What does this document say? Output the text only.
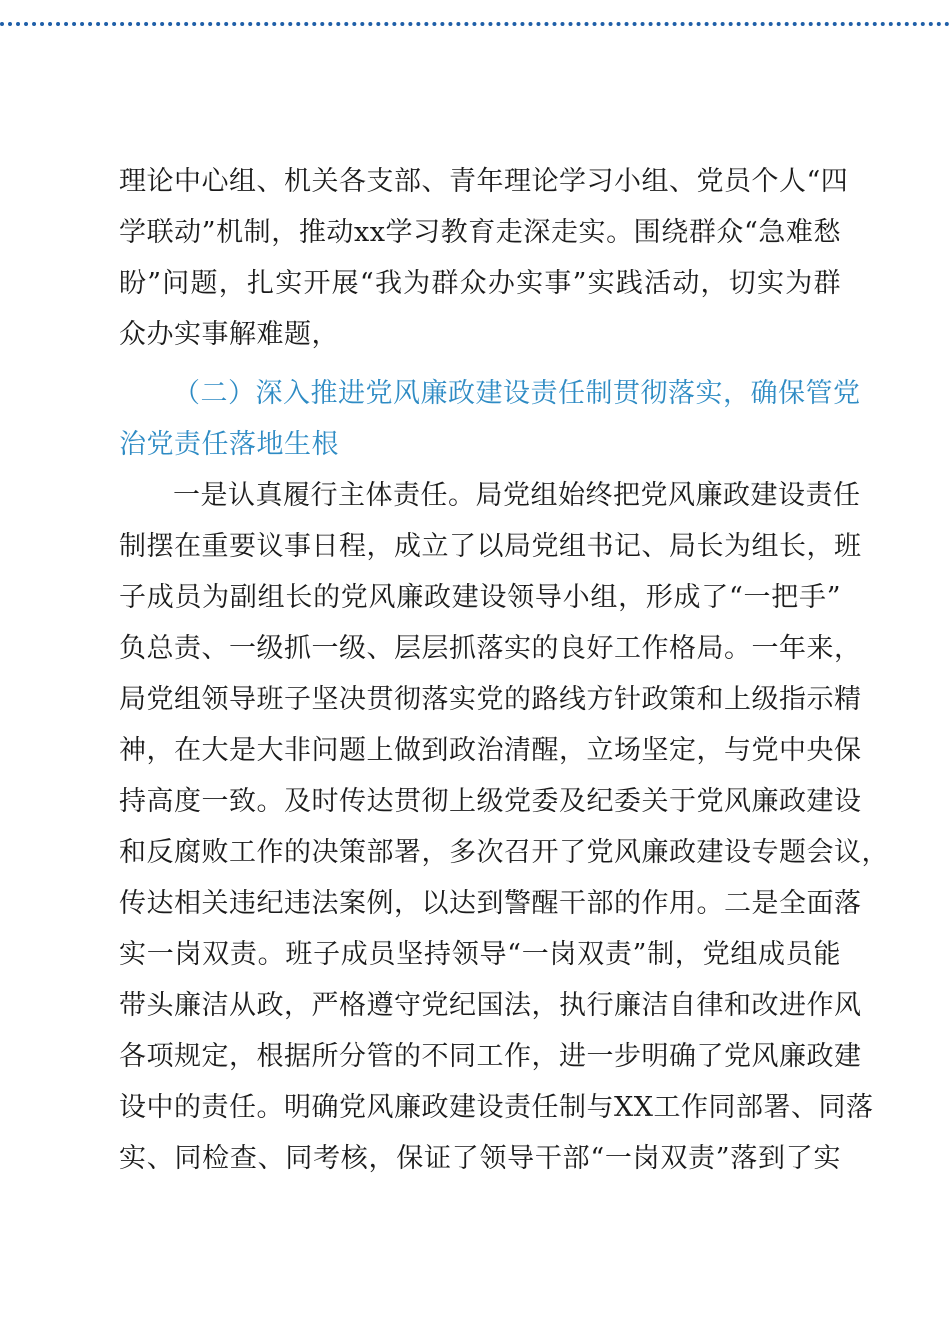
理论中心组、机关各支部、青年理论学习小组、党员个人“四
学联动”机制，推动xx学习教育走深走实。围绕群众“急难愁
盼”问题，扎实开展“我为群众办实事”实践活动，切实为群
众办实事解难题，
（二）深入推进党风廉政建设责任制贯彻落实，确保管党
治党责任落地生根
一是认真履行主体责任。局党组始终把党风廉政建设责任
制摆在重要议事日程，成立了以局党组书记、局长为组长，班
子成员为副组长的党风廉政建设领导小组，形成了“一把手”
负总责、一级抓一级、层层抓落实的良好工作格局。一年来，
局党组领导班子坚决贯彻落实党的路线方针政策和上级指示精
神，在大是大非问题上做到政治清醒，立场坚定，与党中央保
持高度一致。及时传达贯彻上级党委及纪委关于党风廉政建设
和反腐败工作的决策部署，多次召开了党风廉政建设专题会议，
传达相关违纪违法案例，以达到警醒干部的作用。二是全面落
实一岗双责。班子成员坚持领导“一岗双责”制，党组成员能
带头廉洁从政，严格遵守党纪国法，执行廉洁自律和改进作风
各项规定，根据所分管的不同工作，进一步明确了党风廉政建
设中的责任。明确党风廉政建设责任制与XX工作同部署、同落
实、同检查、同考核，保证了领导干部“一岗双责”落到了实
